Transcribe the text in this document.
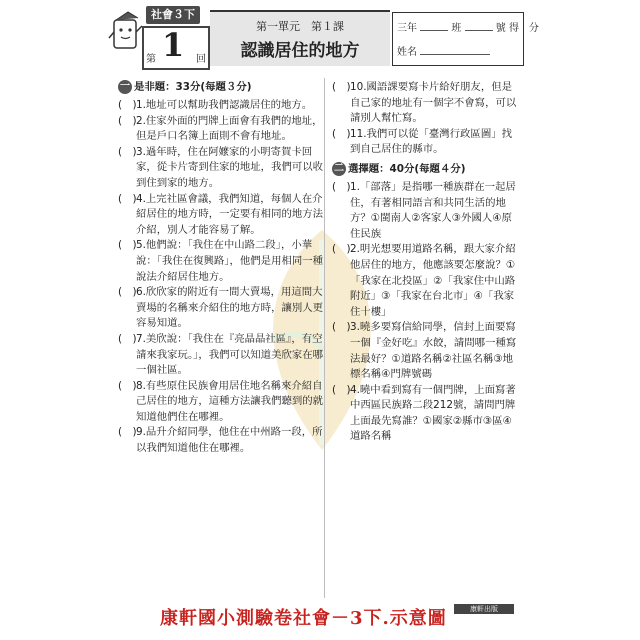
社會３下
第 1 回
第一單元　第１課
認識居住的地方
三年	班	號 得　分
姓名
一 是非題：33分(每題３分)
(　) 1.地址可以幫助我們認識居住的地方。
(　) 2.住家外面的門牌上面會有我們的地址，但是戶口名簿上面則不會有地址。
(　) 3.過年時，住在阿嬤家的小明寄賀卡回家，從卡片寄到住家的地址，我們可以收到住到家的地方。
(　) 4.上完社區會議，我們知道，每個人在介紹居住的地方時，一定要有相同的地方法介紹，別人才能容易了解。
(　) 5.他們說：「我住在中山路二段」，小華說：「我住在復興路」，他們是用相同一種說法介紹居住地方。
(　) 6.欣欣家的附近有一間大賣場，用這間大賣場的名稱來介紹住的地方時，讓別人更容易知道。
(　) 7.美欣說：「我住在『亮晶晶社區』，有空請來我家玩。」，我們可以知道美欣家在哪一個社區。
(　) 8.有些原住民族會用居住地名稱來介紹自己居住的地方，這種方法讓我們聽到的就知道他們住在哪裡。
(　) 9.品升介紹同學，他住在中州路一段，所以我們知道他住在哪裡。
(　) 10.國語課要寫卡片給好朋友，但是自己家的地址有一個字不會寫，可以請別人幫忙寫。
(　) 11.我們可以從「臺灣行政區圖」找到自己居住的縣市。
二 選擇題：40分(每題４分)
(　) 1.「部落」是指哪一種族群在一起居住，有著相同語言和共同生活的地方？①閩南人②客家人③外國人④原住民族
(　) 2.明光想要用道路名稱，跟大家介紹他居住的地方，他應該要怎麼說？①「我家在北投區」②「我家住中山路附近」③「我家在台北市」④「我家住十樓」
(　) 3.曉多要寫信給同學，信封上面要寫一個『金好吃』水餃，請問哪一種寫法最好？①道路名稱②社區名稱③地標名稱④門牌號碼
(　) 4.曉中看到寫有一個門牌，上面寫著中西區民族路二段212號，請問門牌上面最先寫誰？①國家②縣市③區④道路名稱
康軒出版
康軒國小測驗卷社會－3下.示意圖
